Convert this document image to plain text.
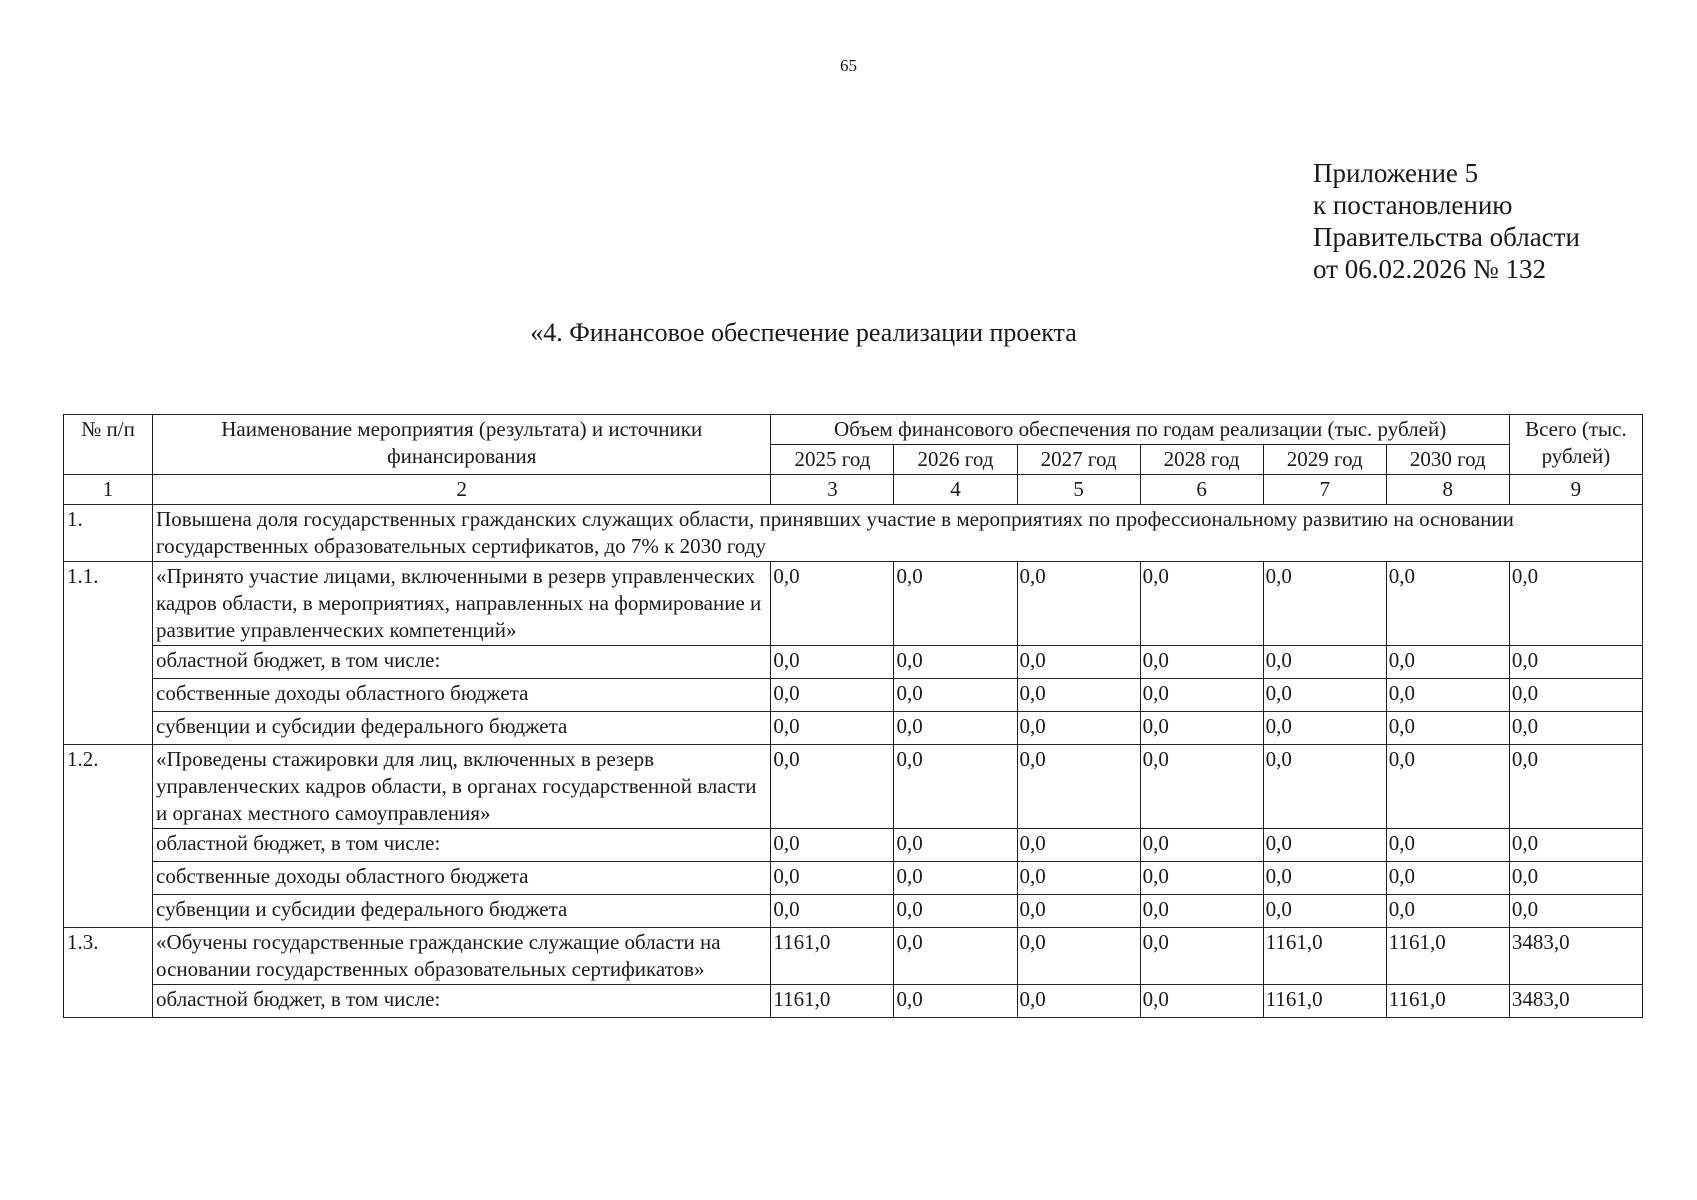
65
Приложение 5
к постановлению
Правительства области
от 06.02.2026 № 132
«4. Финансовое обеспечение реализации проекта
№ п/п	Наименование мероприятия (результата) и источники финансирования	Объем финансового обеспечения по годам реализации (тыс. рублей)						Всего (тыс. рублей)
		2025 год	2026 год	2027 год	2028 год	2029 год	2030 год	
1	2	3	4	5	6	7	8	9
1.	Повышена доля государственных гражданских служащих области, принявших участие в мероприятиях по профессиональному развитию на основании государственных образовательных сертификатов, до 7% к 2030 году							
1.1.	«Принято участие лицами, включенными в резерв управленческих кадров области, в мероприятиях, направленных на формирование и развитие управленческих компетенций»	0,0	0,0	0,0	0,0	0,0	0,0	0,0
	областной бюджет, в том числе:	0,0	0,0	0,0	0,0	0,0	0,0	0,0
	собственные доходы областного бюджета	0,0	0,0	0,0	0,0	0,0	0,0	0,0
	субвенции и субсидии федерального бюджета	0,0	0,0	0,0	0,0	0,0	0,0	0,0
1.2.	«Проведены стажировки для лиц, включенных в резерв управленческих кадров области, в органах государственной власти и органах местного самоуправления»	0,0	0,0	0,0	0,0	0,0	0,0	0,0
	областной бюджет, в том числе:	0,0	0,0	0,0	0,0	0,0	0,0	0,0
	собственные доходы областного бюджета	0,0	0,0	0,0	0,0	0,0	0,0	0,0
	субвенции и субсидии федерального бюджета	0,0	0,0	0,0	0,0	0,0	0,0	0,0
1.3.	«Обучены государственные гражданские служащие области на основании государственных образовательных сертификатов»	1161,0	0,0	0,0	0,0	1161,0	1161,0	3483,0
	областной бюджет, в том числе:	1161,0	0,0	0,0	0,0	1161,0	1161,0	3483,0
